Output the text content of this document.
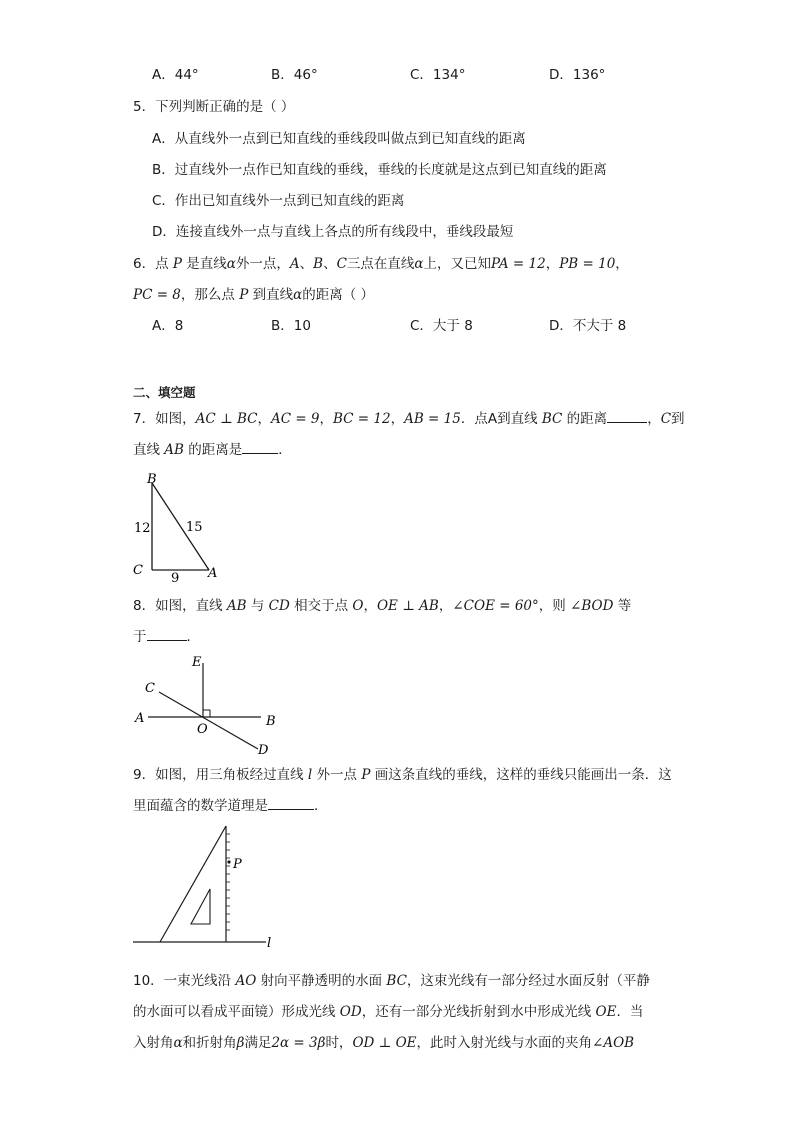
A．44°	B．46°	C．134°	D．136°
5．下列判断正确的是（ ）
A．从直线外一点到已知直线的垂线段叫做点到已知直线的距离
B．过直线外一点作已知直线的垂线，垂线的长度就是这点到已知直线的距离
C．作出已知直线外一点到已知直线的距离
D．连接直线外一点与直线上各点的所有线段中，垂线段最短
6．点 P 是直线α外一点，A、B、C三点在直线α上，又已知PA = 12，PB = 10，
PC = 8，那么点 P 到直线α的距离（ ）
A．8	B．10	C．大于 8	D．不大于 8
二、填空题
7．如图，AC ⊥ BC，AC = 9，BC = 12，AB = 15．点A到直线 BC 的距离	，C到
直线 AB 的距离是	．
B
C	A
12	15
9
8．如图，直线 AB 与 CD 相交于点 O，OE ⊥ AB，∠COE = 60°，则 ∠BOD 等
于	．
E
C
A
O
B
D
9．如图，用三角板经过直线 l 外一点 P 画这条直线的垂线，这样的垂线只能画出一条．这
里面蕴含的数学道理是	．
P
l
10．一束光线沿 AO 射向平静透明的水面 BC，这束光线有一部分经过水面反射（平静
的水面可以看成平面镜）形成光线 OD，还有一部分光线折射到水中形成光线 OE．当
入射角α和折射角β满足2α = 3β时，OD ⊥ OE，此时入射光线与水面的夹角∠AOB
